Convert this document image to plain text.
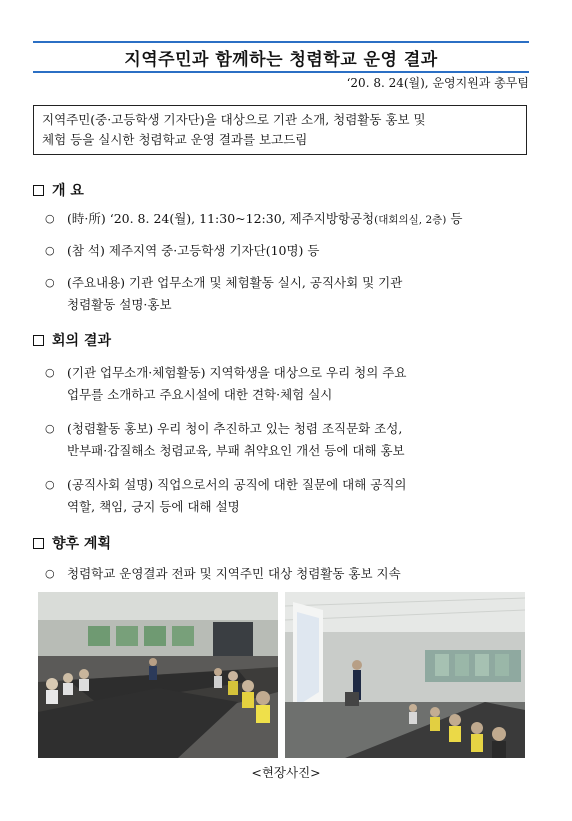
지역주민과 함께하는 청렴학교 운영 결과
‘20. 8. 24(월), 운영지원과 총무팀

지역주민(중·고등학생 기자단)을 대상으로 기관 소개, 청렴활동 홍보 및

체험 등을 실시한 청렴학교 운영 결과를 보고드림

개 요
○ (時·所) ‘20. 8. 24(월), 11:30~12:30, 제주지방항공청(대회의실, 2층) 등
○ (참 석) 제주지역 중·고등학생 기자단(10명) 등
○ (주요내용) 기관 업무소개 및 체험활동 실시, 공직사회 및 기관
청렴활동 설명·홍보
회의 결과
○ (기관 업무소개·체험활동) 지역학생을 대상으로 우리 청의 주요
업무를 소개하고 주요시설에 대한 견학·체험 실시
○ (청렴활동 홍보) 우리 청이 추진하고 있는 청렴 조직문화 조성,
반부패·갑질해소 청렴교육, 부패 취약요인 개선 등에 대해 홍보
○ (공직사회 설명) 직업으로서의 공직에 대한 질문에 대해 공직의
역할, 책임, 긍지 등에 대해 설명
향후 계획
○ 청렴학교 운영결과 전파 및 지역주민 대상 청렴활동 홍보 지속
<현장사진>
